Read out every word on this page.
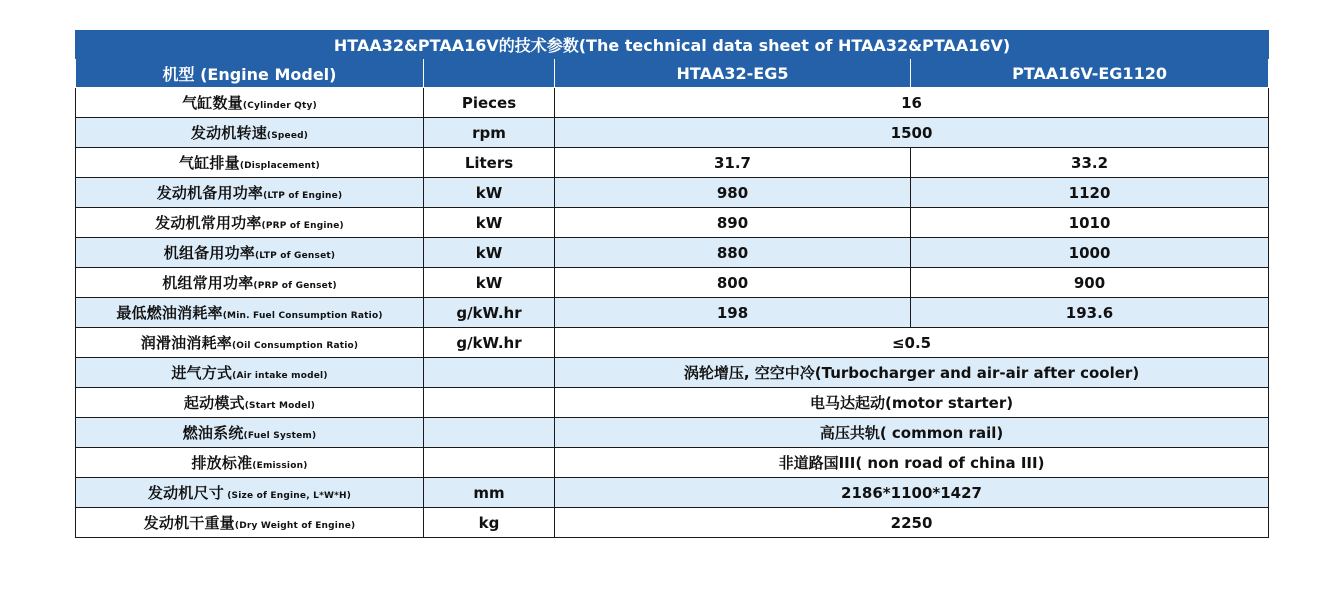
HTAA32&PTAA16V的技术参数(The technical data sheet of HTAA32&PTAA16V)			
机型 (Engine Model)		HTAA32-EG5	PTAA16V-EG1120
气缸数量(Cylinder Qty)	Pieces	16	
发动机转速(Speed)	rpm	1500	
气缸排量(Displacement)	Liters	31.7	33.2
发动机备用功率(LTP of Engine)	kW	980	1120
发动机常用功率(PRP of Engine)	kW	890	1010
机组备用功率(LTP of Genset)	kW	880	1000
机组常用功率(PRP of Genset)	kW	800	900
最低燃油消耗率(Min. Fuel Consumption Ratio)	g/kW.hr	198	193.6
润滑油消耗率(Oil Consumption Ratio)	g/kW.hr	≤0.5	
进气方式(Air intake model)		涡轮增压, 空空中冷(Turbocharger and air-air after cooler)	
起动模式(Start Model)		电马达起动(motor starter)	
燃油系统(Fuel System)		高压共轨( common rail)	
排放标准(Emission)		非道路国III( non road of china III)	
发动机尺寸 (Size of Engine, L*W*H)	mm	2186*1100*1427	
发动机干重量(Dry Weight of Engine)	kg	2250	
